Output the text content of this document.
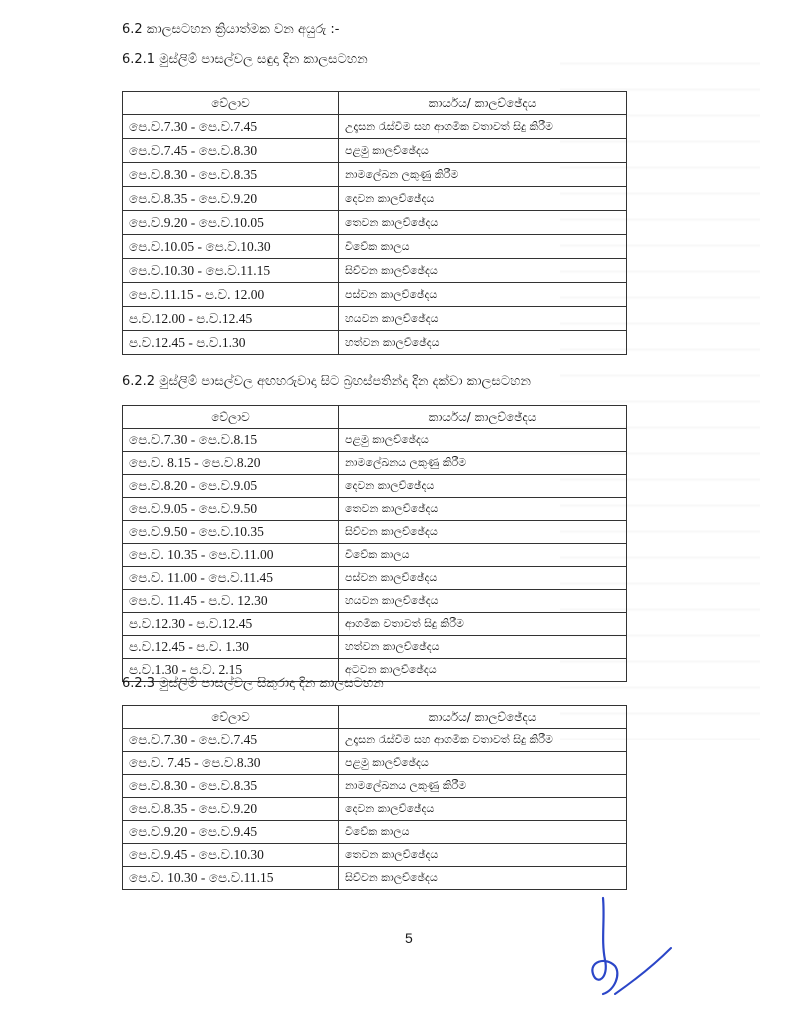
6.2 කාලසටහන ක්‍රියාත්මක වන අයුරු :-
6.2.1 මුස්ලිම් පාසල්වල සඳුදා දින කාලසටහන
වේලාව	කාර්යය/ කාලච්ඡේදය
පෙ.ව.7.30 - පෙ.ව.7.45	උදෑසන රැස්වීම සහ ආගමික වතාවත් සිදු කිරීම
පෙ.ව.7.45 - පෙ.ව.8.30	පළමු කාලච්ඡේදය
පෙ.ව.8.30 - පෙ.ව.8.35	නාමලේඛන ලකුණු කිරීම
පෙ.ව.8.35 - පෙ.ව.9.20	දෙවන කාලච්ඡේදය
පෙ.ව.9.20 - පෙ.ව.10.05	තෙවන කාලච්ඡේදය
පෙ.ව.10.05 - පෙ.ව.10.30	විවේක කාලය
පෙ.ව.10.30 - පෙ.ව.11.15	සිව්වන කාලච්ඡේදය
පෙ.ව.11.15 - ප.ව. 12.00	පස්වන කාලච්ඡේදය
ප.ව.12.00 - ප.ව.12.45	හයවන කාලච්ඡේදය
ප.ව.12.45 - ප.ව.1.30	හත්වන කාලච්ඡේදය
6.2.2 මුස්ලිම් පාසල්වල අඟහරුවාදා සිට බ්‍රහස්පතින්දා දින දක්වා කාලසටහන
වේලාව	කාර්යය/ කාලච්ඡේදය
පෙ.ව.7.30 - පෙ.ව.8.15	පළමු කාලච්ඡේදය
පෙ.ව. 8.15 - පෙ.ව.8.20	නාමලේඛනය ලකුණු කිරීම
පෙ.ව.8.20 - පෙ.ව.9.05	දෙවන කාලච්ඡේදය
පෙ.ව.9.05 - පෙ.ව.9.50	තෙවන කාලච්ඡේදය
පෙ.ව.9.50 - පෙ.ව.10.35	සිව්වන කාලච්ඡේදය
පෙ.ව. 10.35 - පෙ.ව.11.00	විවේක කාලය
පෙ.ව. 11.00 - පෙ.ව.11.45	පස්වන කාලච්ඡේදය
පෙ.ව. 11.45 - ප.ව. 12.30	හයවන කාලච්ඡේදය
ප.ව.12.30 - ප.ව.12.45	ආගමික වතාවත් සිදු කිරීම
ප.ව.12.45 - ප.ව. 1.30	හත්වන කාලච්ඡේදය
ප.ව.1.30 - ප.ව. 2.15	අටවන කාලච්ඡේදය
6.2.3 මුස්ලිම් පාසල්වල සිකුරාදා දින කාලසටහන
වේලාව	කාර්යය/ කාලච්ඡේදය
පෙ.ව.7.30 - පෙ.ව.7.45	උදෑසන රැස්වීම සහ ආගමික වතාවත් සිදු කිරීම
පෙ.ව. 7.45 - පෙ.ව.8.30	පළමු කාලච්ඡේදය
පෙ.ව.8.30 - පෙ.ව.8.35	නාමලේඛනය ලකුණු කිරීම
පෙ.ව.8.35 - පෙ.ව.9.20	දෙවන කාලච්ඡේදය
පෙ.ව.9.20 - පෙ.ව.9.45	විවේක කාලය
පෙ.ව.9.45 - පෙ.ව.10.30	තෙවන කාලච්ඡේදය
පෙ.ව. 10.30 - පෙ.ව.11.15	සිව්වන කාලච්ඡේදය

5
